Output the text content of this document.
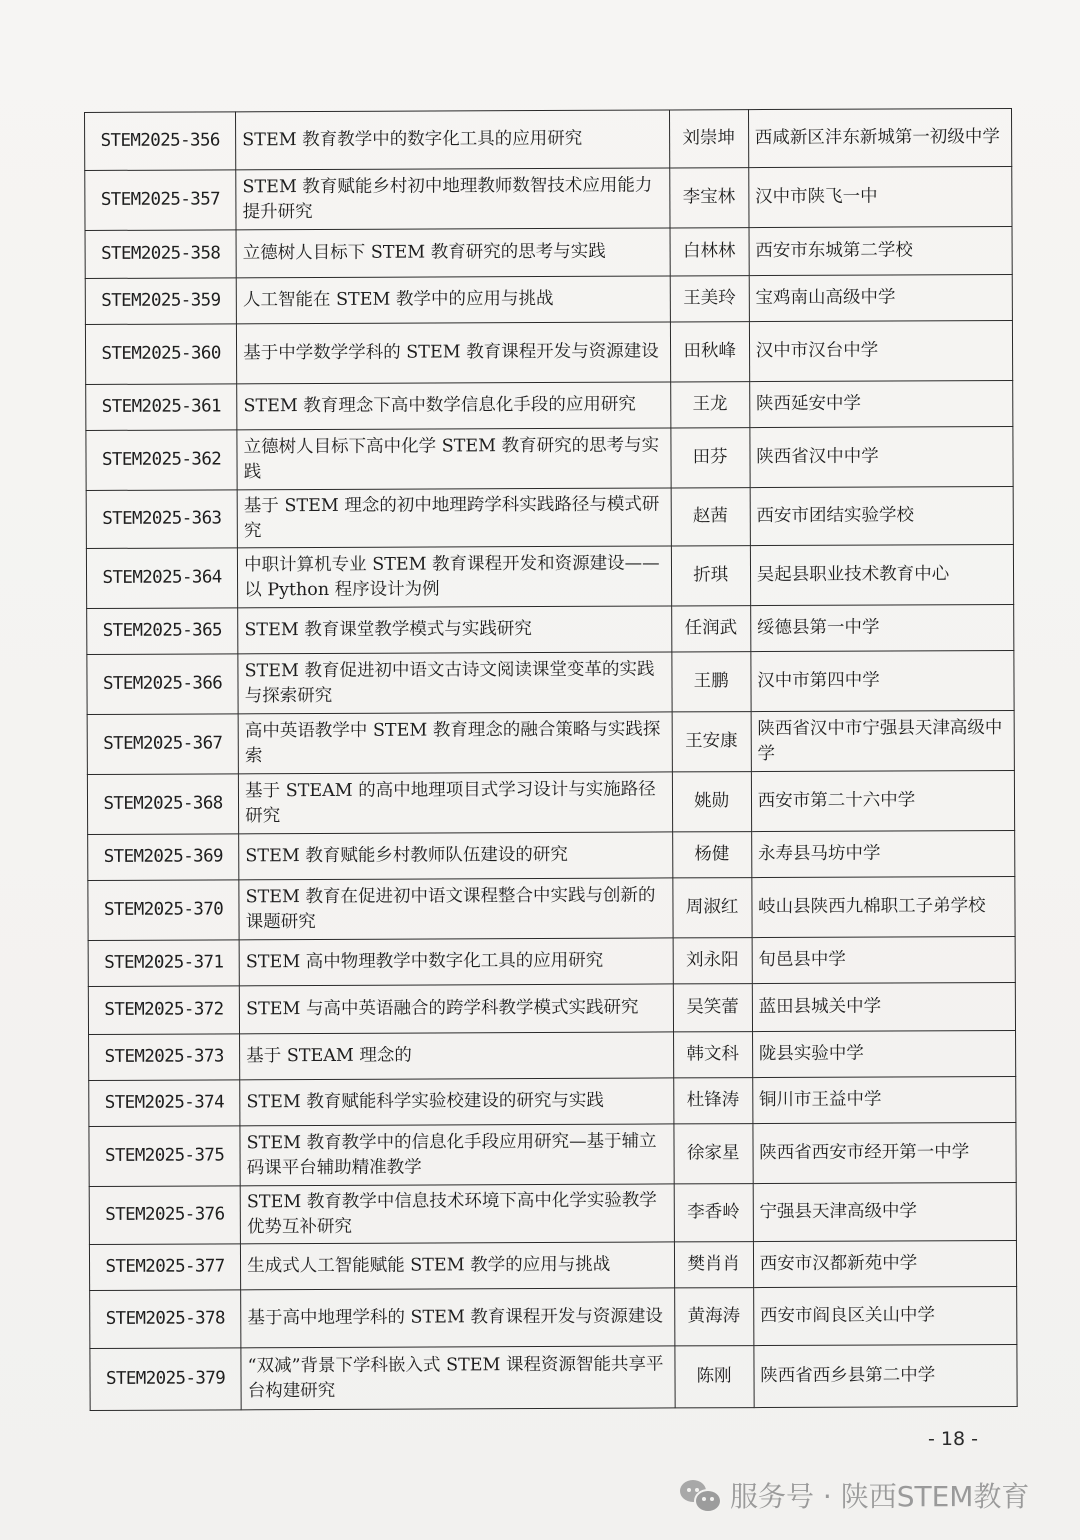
STEM2025-356	STEM 教育教学中的数字化工具的应用研究	刘崇坤	西咸新区沣东新城第一初级中学
STEM2025-357	STEM 教育赋能乡村初中地理教师数智技术应用能力提升研究	李宝林	汉中市陕飞一中
STEM2025-358	立德树人目标下 STEM 教育研究的思考与实践	白林林	西安市东城第二学校
STEM2025-359	人工智能在 STEM 教学中的应用与挑战	王美玲	宝鸡南山高级中学
STEM2025-360	基于中学数学学科的 STEM 教育课程开发与资源建设	田秋峰	汉中市汉台中学
STEM2025-361	STEM 教育理念下高中数学信息化手段的应用研究	王龙	陕西延安中学
STEM2025-362	立德树人目标下高中化学 STEM 教育研究的思考与实践	田芬	陕西省汉中中学
STEM2025-363	基于 STEM 理念的初中地理跨学科实践路径与模式研究	赵茜	西安市团结实验学校
STEM2025-364	中职计算机专业 STEM 教育课程开发和资源建设——以 Python 程序设计为例	折琪	吴起县职业技术教育中心
STEM2025-365	STEM 教育课堂教学模式与实践研究	任润武	绥德县第一中学
STEM2025-366	STEM 教育促进初中语文古诗文阅读课堂变革的实践与探索研究	王鹏	汉中市第四中学
STEM2025-367	高中英语教学中 STEM 教育理念的融合策略与实践探索	王安康	陕西省汉中市宁强县天津高级中学
STEM2025-368	基于 STEAM 的高中地理项目式学习设计与实施路径研究	姚勋	西安市第二十六中学
STEM2025-369	STEM 教育赋能乡村教师队伍建设的研究	杨健	永寿县马坊中学
STEM2025-370	STEM 教育在促进初中语文课程整合中实践与创新的课题研究	周淑红	岐山县陕西九棉职工子弟学校
STEM2025-371	STEM 高中物理教学中数字化工具的应用研究	刘永阳	旬邑县中学
STEM2025-372	STEM 与高中英语融合的跨学科教学模式实践研究	吴笑蕾	蓝田县城关中学
STEM2025-373	基于 STEAM 理念的	韩文科	陇县实验中学
STEM2025-374	STEM 教育赋能科学实验校建设的研究与实践	杜锋涛	铜川市王益中学
STEM2025-375	STEM 教育教学中的信息化手段应用研究—基于辅立码课平台辅助精准教学	徐家星	陕西省西安市经开第一中学
STEM2025-376	STEM 教育教学中信息技术环境下高中化学实验教学优势互补研究	李香岭	宁强县天津高级中学
STEM2025-377	生成式人工智能赋能 STEM 教学的应用与挑战	樊肖肖	西安市汉都新苑中学
STEM2025-378	基于高中地理学科的 STEM 教育课程开发与资源建设	黄海涛	西安市阎良区关山中学
STEM2025-379	“双减”背景下学科嵌入式 STEM 课程资源智能共享平台构建研究	陈刚	陕西省西乡县第二中学
- 18 -
服务号 · 陕西STEM教育
